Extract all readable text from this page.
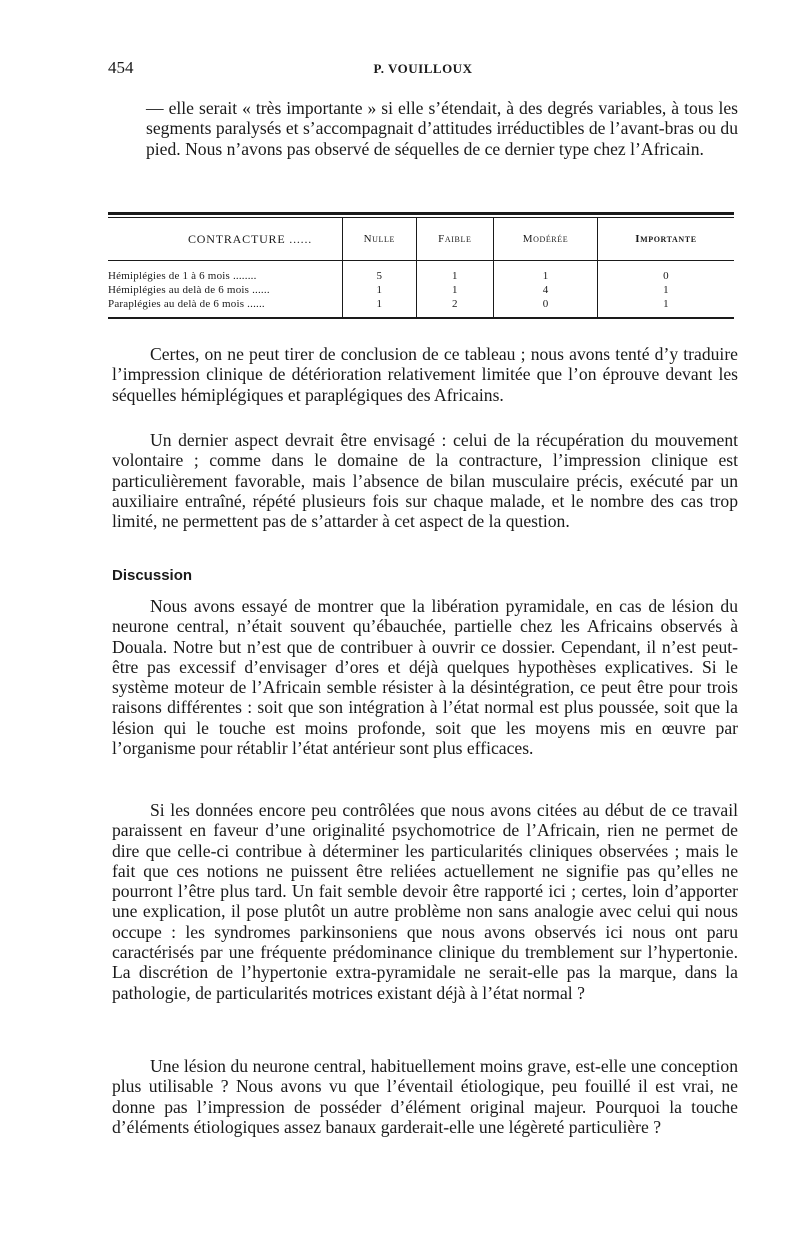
454	P. VOUILLOUX

— elle serait « très importante » si elle s’étendait, à des degrés variables, à tous les segments paralysés et s’accompagnait d’attitudes irréductibles de l’avant-bras ou du pied. Nous n’avons pas observé de séquelles de ce dernier type chez l’Africain.

CONTRACTURE ......	Nulle	Faible	Modérée	Importante

Hémiplégies de 1 à 6 mois ........	5	1	1	0
Hémiplégies au delà de 6 mois ......	1	1	4	1
Paraplégies au delà de 6 mois ......	1	2	0	1

Certes, on ne peut tirer de conclusion de ce tableau ; nous avons tenté d’y traduire l’impression clinique de détérioration relativement limitée que l’on éprouve devant les séquelles hémiplégiques et paraplégiques des Africains.

Un dernier aspect devrait être envisagé : celui de la récupération du mouvement volontaire ; comme dans le domaine de la contracture, l’impression clinique est particulièrement favorable, mais l’absence de bilan musculaire précis, exécuté par un auxiliaire entraîné, répété plusieurs fois sur chaque malade, et le nombre des cas trop limité, ne permettent pas de s’attarder à cet aspect de la question.

Discussion

Nous avons essayé de montrer que la libération pyramidale, en cas de lésion du neurone central, n’était souvent qu’ébauchée, partielle chez les Africains observés à Douala. Notre but n’est que de contribuer à ouvrir ce dossier. Cependant, il n’est peut-être pas excessif d’envisager d’ores et déjà quelques hypothèses explicatives. Si le système moteur de l’Africain semble résister à la désintégration, ce peut être pour trois raisons différentes : soit que son intégration à l’état normal est plus poussée, soit que la lésion qui le touche est moins profonde, soit que les moyens mis en œuvre par l’organisme pour rétablir l’état antérieur sont plus efficaces.

Si les données encore peu contrôlées que nous avons citées au début de ce travail paraissent en faveur d’une originalité psychomotrice de l’Africain, rien ne permet de dire que celle-ci contribue à déterminer les particularités cliniques observées ; mais le fait que ces notions ne puissent être reliées actuellement ne signifie pas qu’elles ne pourront l’être plus tard. Un fait semble devoir être rapporté ici ; certes, loin d’apporter une explication, il pose plutôt un autre problème non sans analogie avec celui qui nous occupe : les syndromes parkinsoniens que nous avons observés ici nous ont paru caractérisés par une fréquente prédominance clinique du tremblement sur l’hypertonie. La discrétion de l’hypertonie extra-pyramidale ne serait-elle pas la marque, dans la pathologie, de particularités motrices existant déjà à l’état normal ?

Une lésion du neurone central, habituellement moins grave, est-elle une conception plus utilisable ? Nous avons vu que l’éventail étiologique, peu fouillé il est vrai, ne donne pas l’impression de posséder d’élément original majeur. Pourquoi la touche d’éléments étiologiques assez banaux garderait-elle une légèreté particulière ?
